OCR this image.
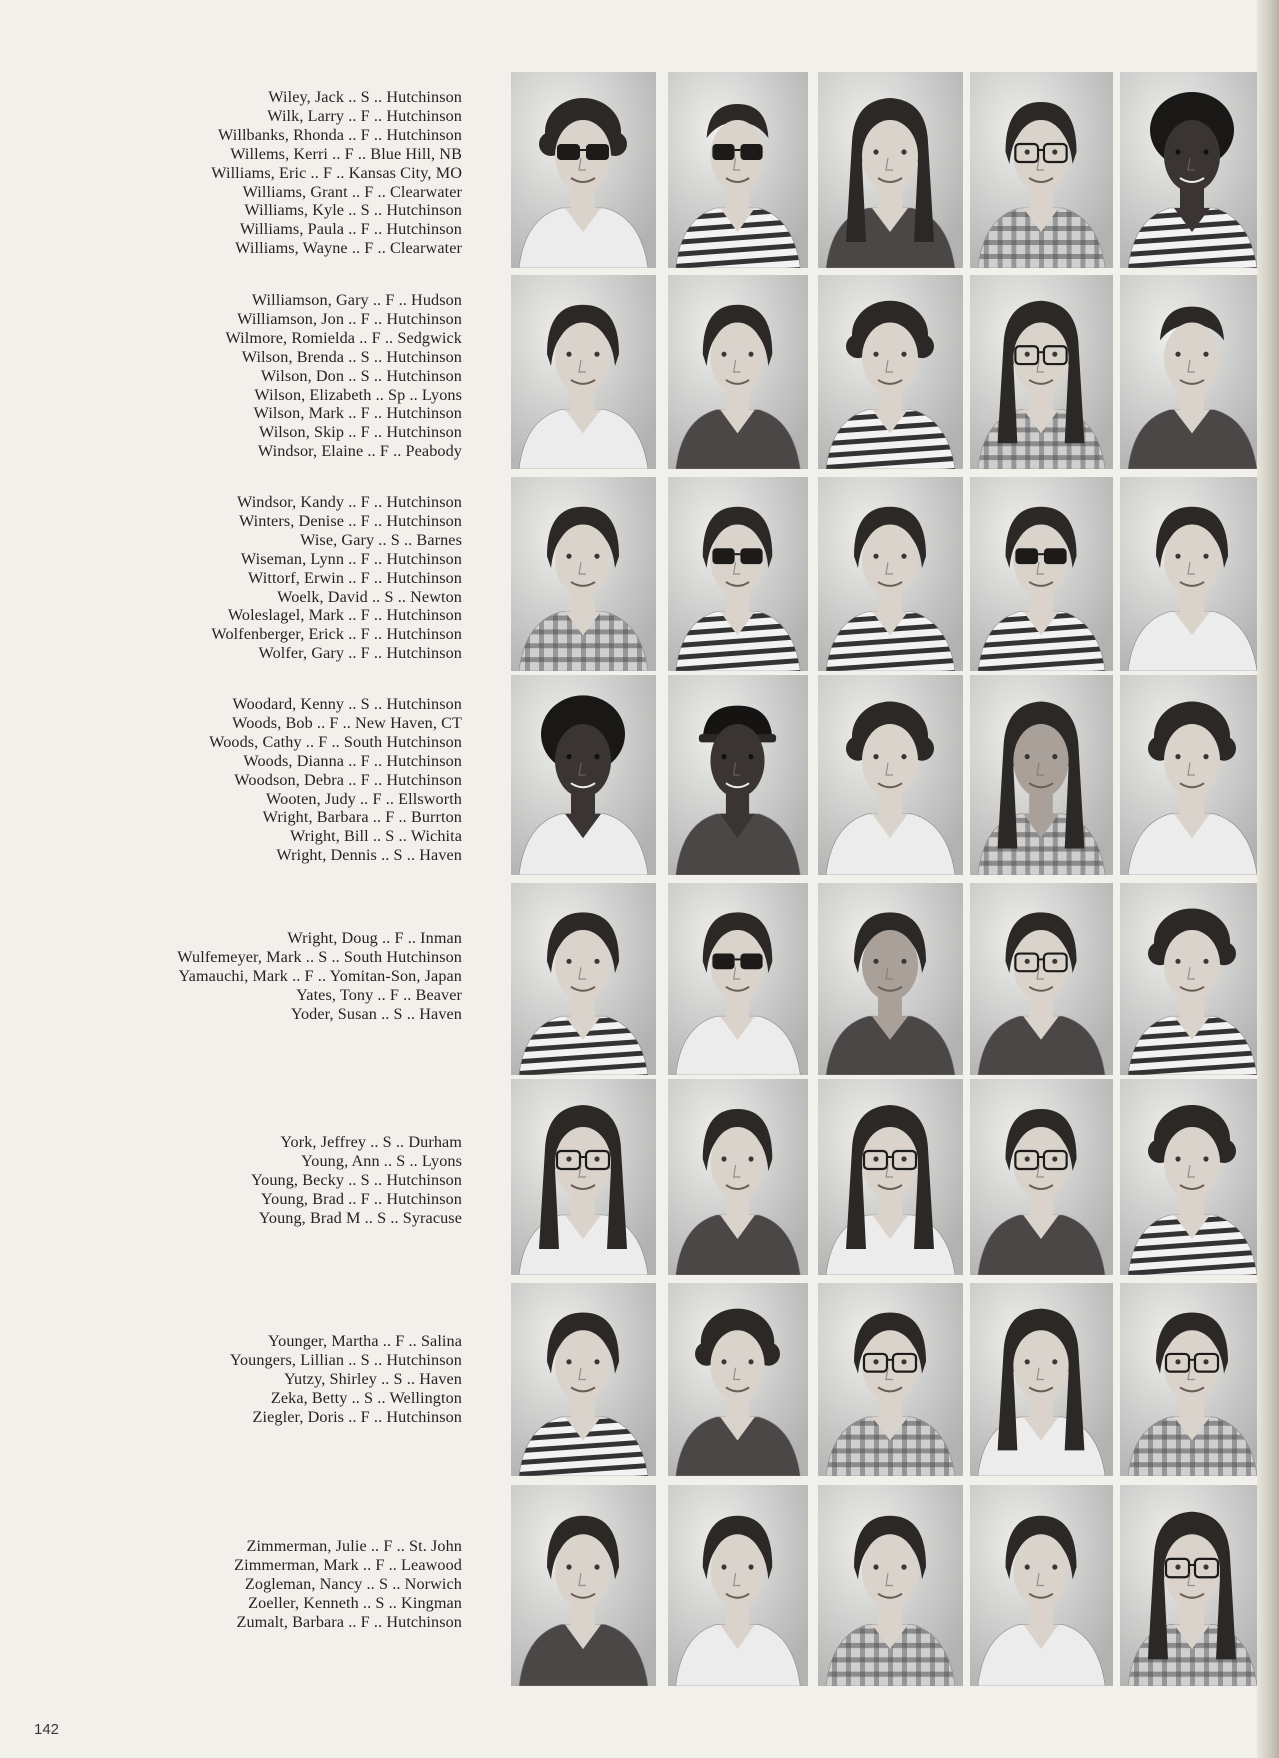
Wiley, Jack .. S .. Hutchinson
Wilk, Larry .. F .. Hutchinson
Willbanks, Rhonda .. F .. Hutchinson
Willems, Kerri .. F .. Blue Hill, NB
Williams, Eric .. F .. Kansas City, MO
Williams, Grant .. F .. Clearwater
Williams, Kyle .. S .. Hutchinson
Williams, Paula .. F .. Hutchinson
Williams, Wayne .. F .. Clearwater
Williamson, Gary .. F .. Hudson
Williamson, Jon .. F .. Hutchinson
Wilmore, Romielda .. F .. Sedgwick
Wilson, Brenda .. S .. Hutchinson
Wilson, Don .. S .. Hutchinson
Wilson, Elizabeth .. Sp .. Lyons
Wilson, Mark .. F .. Hutchinson
Wilson, Skip .. F .. Hutchinson
Windsor, Elaine .. F .. Peabody
Windsor, Kandy .. F .. Hutchinson
Winters, Denise .. F .. Hutchinson
Wise, Gary .. S .. Barnes
Wiseman, Lynn .. F .. Hutchinson
Wittorf, Erwin .. F .. Hutchinson
Woelk, David .. S .. Newton
Woleslagel, Mark .. F .. Hutchinson
Wolfenberger, Erick .. F .. Hutchinson
Wolfer, Gary .. F .. Hutchinson
Woodard, Kenny .. S .. Hutchinson
Woods, Bob .. F .. New Haven, CT
Woods, Cathy .. F .. South Hutchinson
Woods, Dianna .. F .. Hutchinson
Woodson, Debra .. F .. Hutchinson
Wooten, Judy .. F .. Ellsworth
Wright, Barbara .. F .. Burrton
Wright, Bill .. S .. Wichita
Wright, Dennis .. S .. Haven
Wright, Doug .. F .. Inman
Wulfemeyer, Mark .. S .. South Hutchinson
Yamauchi, Mark .. F .. Yomitan-Son, Japan
Yates, Tony .. F .. Beaver
Yoder, Susan .. S .. Haven
York, Jeffrey .. S .. Durham
Young, Ann .. S .. Lyons
Young, Becky .. S .. Hutchinson
Young, Brad .. F .. Hutchinson
Young, Brad M .. S .. Syracuse
Younger, Martha .. F .. Salina
Youngers, Lillian .. S .. Hutchinson
Yutzy, Shirley .. S .. Haven
Zeka, Betty .. S .. Wellington
Ziegler, Doris .. F .. Hutchinson
Zimmerman, Julie .. F .. St. John
Zimmerman, Mark .. F .. Leawood
Zogleman, Nancy .. S .. Norwich
Zoeller, Kenneth .. S .. Kingman
Zumalt, Barbara .. F .. Hutchinson
142
